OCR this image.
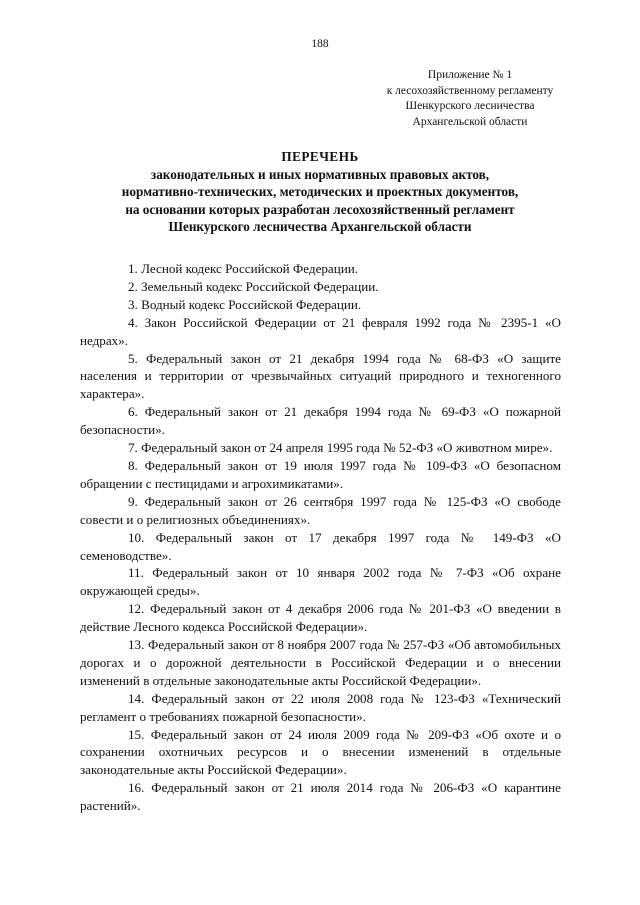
188
Приложение № 1
к лесохозяйственному регламенту
Шенкурского лесничества
Архангельской области
ПЕРЕЧЕНЬ
законодательных и иных нормативных правовых актов,
нормативно-технических, методических и проектных документов,
на основании которых разработан лесохозяйственный регламент
Шенкурского лесничества Архангельской области
1. Лесной кодекс Российской Федерации.
2. Земельный кодекс Российской Федерации.
3. Водный кодекс Российской Федерации.
4. Закон Российской Федерации от 21 февраля 1992 года № 2395-1 «О недрах».
5. Федеральный закон от 21 декабря 1994 года № 68-ФЗ «О защите населения и территории от чрезвычайных ситуаций природного и техногенного характера».
6. Федеральный закон от 21 декабря 1994 года № 69-ФЗ «О пожарной безопасности».
7. Федеральный закон от 24 апреля 1995 года № 52-ФЗ «О животном мире».
8. Федеральный закон от 19 июля 1997 года № 109-ФЗ «О безопасном обращении с пестицидами и агрохимикатами».
9. Федеральный закон от 26 сентября 1997 года № 125-ФЗ «О свободе совести и о религиозных объединениях».
10. Федеральный закон от 17 декабря 1997 года № 149-ФЗ «О семеноводстве».
11. Федеральный закон от 10 января 2002 года № 7-ФЗ «Об охране окружающей среды».
12. Федеральный закон от 4 декабря 2006 года № 201-ФЗ «О введении в действие Лесного кодекса Российской Федерации».
13. Федеральный закон от 8 ноября 2007 года № 257-ФЗ «Об автомобильных дорогах и о дорожной деятельности в Российской Федерации и о внесении изменений в отдельные законодательные акты Российской Федерации».
14. Федеральный закон от 22 июля 2008 года № 123-ФЗ «Технический регламент о требованиях пожарной безопасности».
15. Федеральный закон от 24 июля 2009 года № 209-ФЗ «Об охоте и о сохранении охотничьих ресурсов и о внесении изменений в отдельные законодательные акты Российской Федерации».
16. Федеральный закон от 21 июля 2014 года № 206-ФЗ «О карантине растений».
